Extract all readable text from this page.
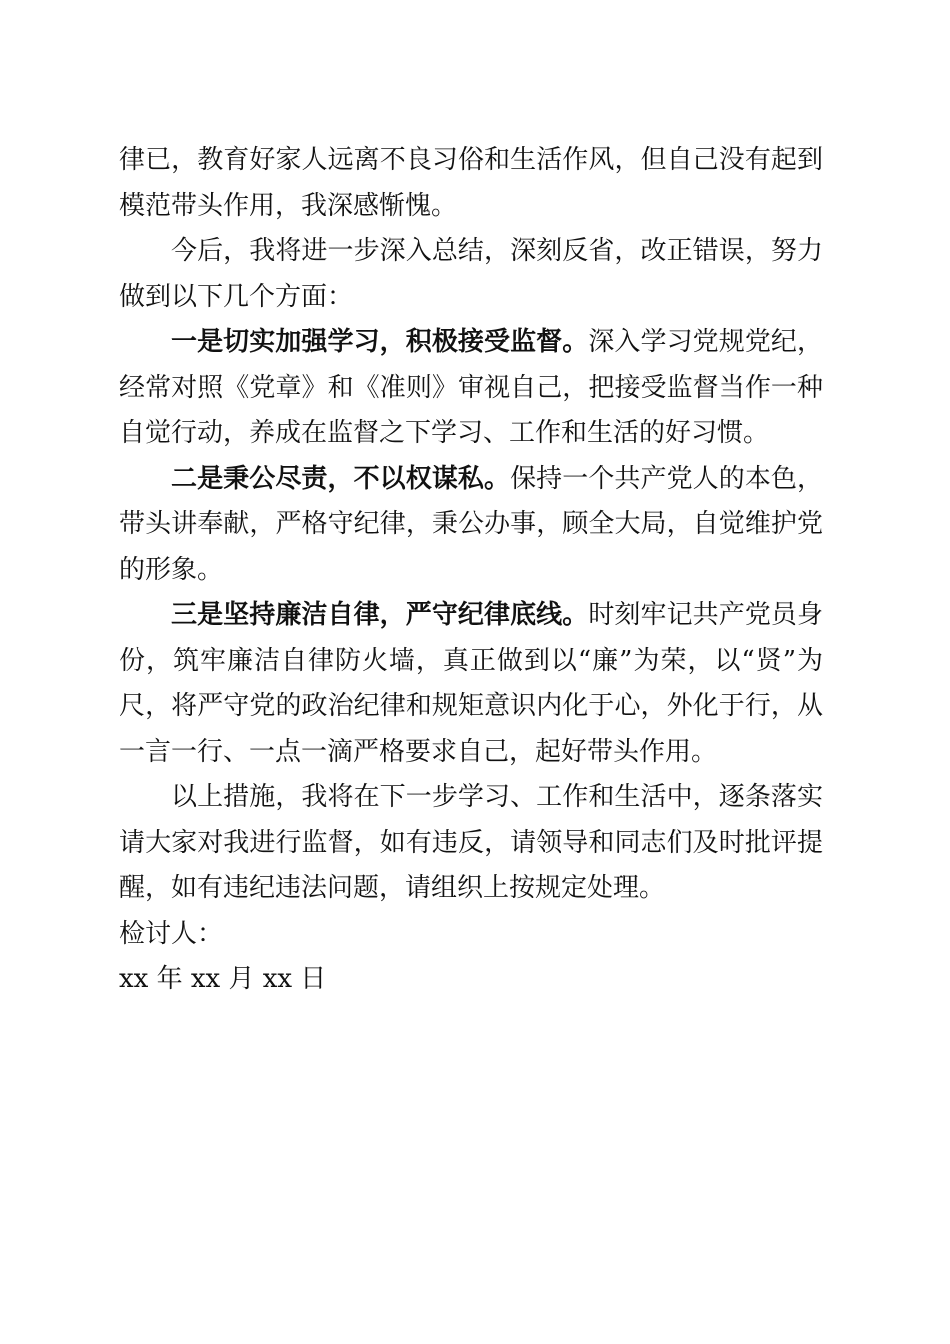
律已，教育好家人远离不良习俗和生活作风，但自己没有起到模范带头作用，我深感惭愧。

今后，我将进一步深入总结，深刻反省，改正错误，努力做到以下几个方面：

一是切实加强学习，积极接受监督。深入学习党规党纪，经常对照《党章》和《准则》审视自己，把接受监督当作一种自觉行动，养成在监督之下学习、工作和生活的好习惯。

二是秉公尽责，不以权谋私。保持一个共产党人的本色，带头讲奉献，严格守纪律，秉公办事，顾全大局，自觉维护党的形象。

三是坚持廉洁自律，严守纪律底线。时刻牢记共产党员身份，筑牢廉洁自律防火墙，真正做到以“廉”为荣，以“贤”为尺，将严守党的政治纪律和规矩意识内化于心，外化于行，从一言一行、一点一滴严格要求自己，起好带头作用。

以上措施，我将在下一步学习、工作和生活中，逐条落实请大家对我进行监督，如有违反，请领导和同志们及时批评提醒，如有违纪违法问题，请组织上按规定处理。

检讨人：

xx 年 xx 月 xx 日
